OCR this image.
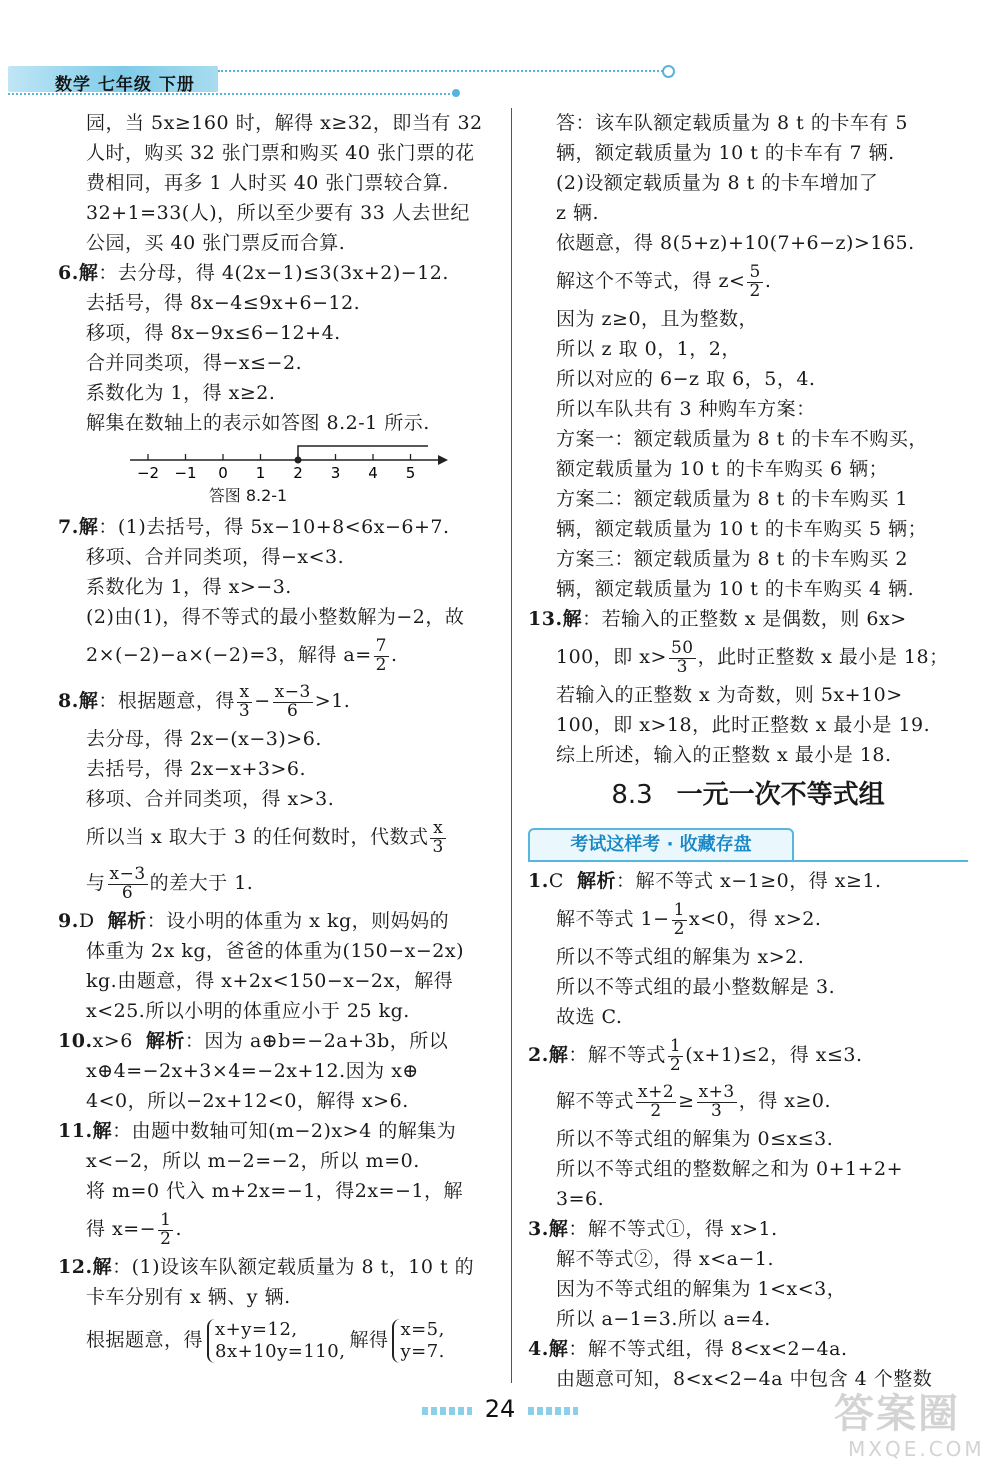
数学 七年级 下册
园，当 5x≥160 时，解得 x≥32，即当有 32
人时，购买 32 张门票和购买 40 张门票的花
费相同，再多 1 人时买 40 张门票较合算.
32+1=33(人)，所以至少要有 33 人去世纪
公园，买 40 张门票反而合算.
6.解：去分母，得 4(2x−1)≤3(3x+2)−12.
去括号，得 8x−4≤9x+6−12.
移项，得 8x−9x≤6−12+4.
合并同类项，得−x≤−2.
系数化为 1，得 x≥2.
解集在数轴上的表示如答图 8.2-1 所示.
−2 −1 0 1 2 3 4 5
答图 8.2-1
7.解：(1)去括号，得 5x−10+8<6x−6+7.
移项、合并同类项，得−x<3.
系数化为 1，得 x>−3.
(2)由(1)，得不等式的最小整数解为−2，故
2×(−2)−a×(−2)=3，解得 $a= \frac{7}{2}$ .
8.解：根据题意，得 $\frac{x}{3} - \frac{x-3}{6} >1$.
去分母，得 2x−(x−3)>6.
去括号，得 2x−x+3>6.
移项、合并同类项，得 x>3.
所以当 x 取大于 3 的任何数时，代数式 $\frac{x}{3}$
与 $\frac{x-3}{6}$ 的差大于 1.
9.D 解析：设小明的体重为 x kg，则妈妈的
体重为 2x kg，爸爸的体重为(150−x−2x)
kg.由题意，得 x+2x<150−x−2x，解得
x<25.所以小明的体重应小于 25 kg.
10.x>6 解析：因为 a⊕b=−2a+3b，所以
x⊕4=−2x+3×4=−2x+12.因为 x⊕
4<0，所以−2x+12<0，解得 x>6.
11.解：由题中数轴可知(m−2)x>4 的解集为
x<−2，所以 m−2=−2，所以 m=0.
将 m=0 代入 m+2x=−1，得2x=−1，解
得 $x=- \frac{1}{2}$ .
12.解：(1)设该车队额定载质量为 8 t，10 t 的
卡车分别有 x 辆、y 辆.
根据题意，得 x+y=12,
8x+10y=110,
解得 x=5,
y=7.
答：该车队额定载质量为 8 t 的卡车有 5
辆，额定载质量为 10 t 的卡车有 7 辆.
(2)设额定载质量为 8 t 的卡车增加了
z 辆.
依题意，得 8(5+z)+10(7+6−z)>165.
解这个不等式，得 $z< \frac{5}{2}$ .
因为 z≥0，且为整数，
所以 z 取 0，1，2，
所以对应的 6−z 取 6，5，4.
所以车队共有 3 种购车方案：
方案一：额定载质量为 8 t 的卡车不购买，
额定载质量为 10 t 的卡车购买 6 辆；
方案二：额定载质量为 8 t 的卡车购买 1
辆，额定载质量为 10 t 的卡车购买 5 辆；
方案三：额定载质量为 8 t 的卡车购买 2
辆，额定载质量为 10 t 的卡车购买 4 辆.
13.解：若输入的正整数 x 是偶数，则 6x>
100，即 $x> \frac{50}{3}$ ，此时正整数 x 最小是 18；
若输入的正整数 x 为奇数，则 5x+10>
100，即 x>18，此时正整数 x 最小是 19.
综上所述，输入的正整数 x 最小是 18.
8.3 一元一次不等式组
考试这样考 · 收藏存盘
1.C 解析：解不等式 x−1≥0，得 x≥1.
解不等式 $1- \frac{1}{2} x<0$，得 x>2.
所以不等式组的解集为 x>2.
所以不等式组的最小整数解是 3.
故选 C.
2.解：解不等式 $\frac{1}{2} (x+1)\le 2$，得 x≤3.
解不等式 $\frac{x+2}{2} \ge \frac{x+3}{3}$ ，得 x≥0.
所以不等式组的解集为 0≤x≤3.
所以不等式组的整数解之和为 0+1+2+
3=6.
3.解：解不等式①，得 x>1.
解不等式②，得 x<a−1.
因为不等式组的解集为 1<x<3，
所以 a−1=3.所以 a=4.
4.解：解不等式组，得 8<x<2−4a.
由题意可知，8<x<2−4a 中包含 4 个整数
24	答案圈
MXQE.COM
